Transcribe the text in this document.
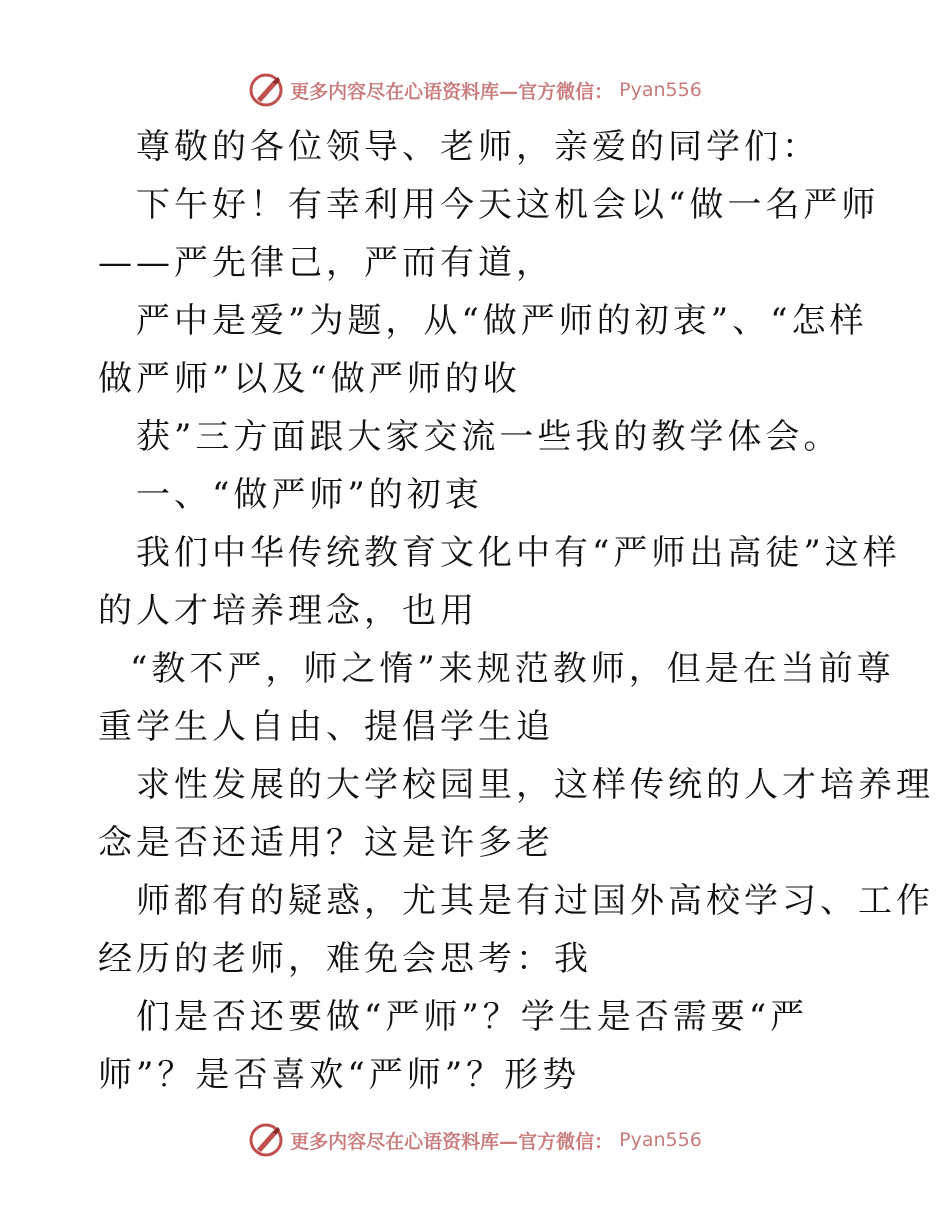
更多内容尽在心语资料库—官方微信： Pyan556
尊敬的各位领导、老师，亲爱的同学们：
下午好！有幸利用今天这机会以“做一名严师
——严先律己，严而有道，
严中是爱”为题，从“做严师的初衷”、“怎样
做严师”以及“做严师的收
获”三方面跟大家交流一些我的教学体会。
一、“做严师”的初衷
我们中华传统教育文化中有“严师出高徒”这样
的人才培养理念，也用
“教不严，师之惰”来规范教师，但是在当前尊
重学生人自由、提倡学生追
求性发展的大学校园里，这样传统的人才培养理
念是否还适用？这是许多老
师都有的疑惑，尤其是有过国外高校学习、工作
经历的老师，难免会思考：我
们是否还要做“严师”？学生是否需要“严
师”？是否喜欢“严师”？形势
更多内容尽在心语资料库—官方微信： Pyan556
